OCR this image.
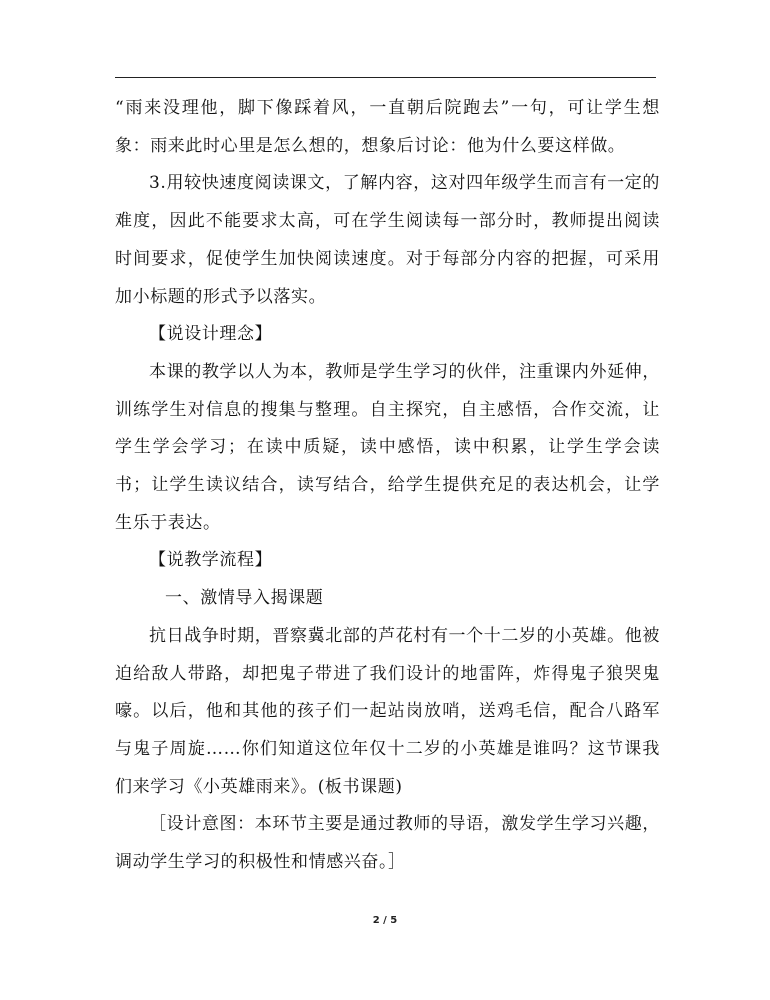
“雨来没理他，脚下像踩着风，一直朝后院跑去”一句，可让学生想象：雨来此时心里是怎么想的，想象后讨论：他为什么要这样做。

3.用较快速度阅读课文，了解内容，这对四年级学生而言有一定的难度，因此不能要求太高，可在学生阅读每一部分时，教师提出阅读时间要求，促使学生加快阅读速度。对于每部分内容的把握，可采用加小标题的形式予以落实。

【说设计理念】

本课的教学以人为本，教师是学生学习的伙伴，注重课内外延伸，训练学生对信息的搜集与整理。自主探究，自主感悟，合作交流，让学生学会学习；在读中质疑，读中感悟，读中积累，让学生学会读书；让学生读议结合，读写结合，给学生提供充足的表达机会，让学生乐于表达。

【说教学流程】

一、激情导入揭课题

抗日战争时期，晋察冀北部的芦花村有一个十二岁的小英雄。他被迫给敌人带路，却把鬼子带进了我们设计的地雷阵，炸得鬼子狼哭鬼嚎。以后，他和其他的孩子们一起站岗放哨，送鸡毛信，配合八路军与鬼子周旋……你们知道这位年仅十二岁的小英雄是谁吗？这节课我们来学习《小英雄雨来》。(板书课题)

［设计意图：本环节主要是通过教师的导语，激发学生学习兴趣，调动学生学习的积极性和情感兴奋。］

2 / 5
